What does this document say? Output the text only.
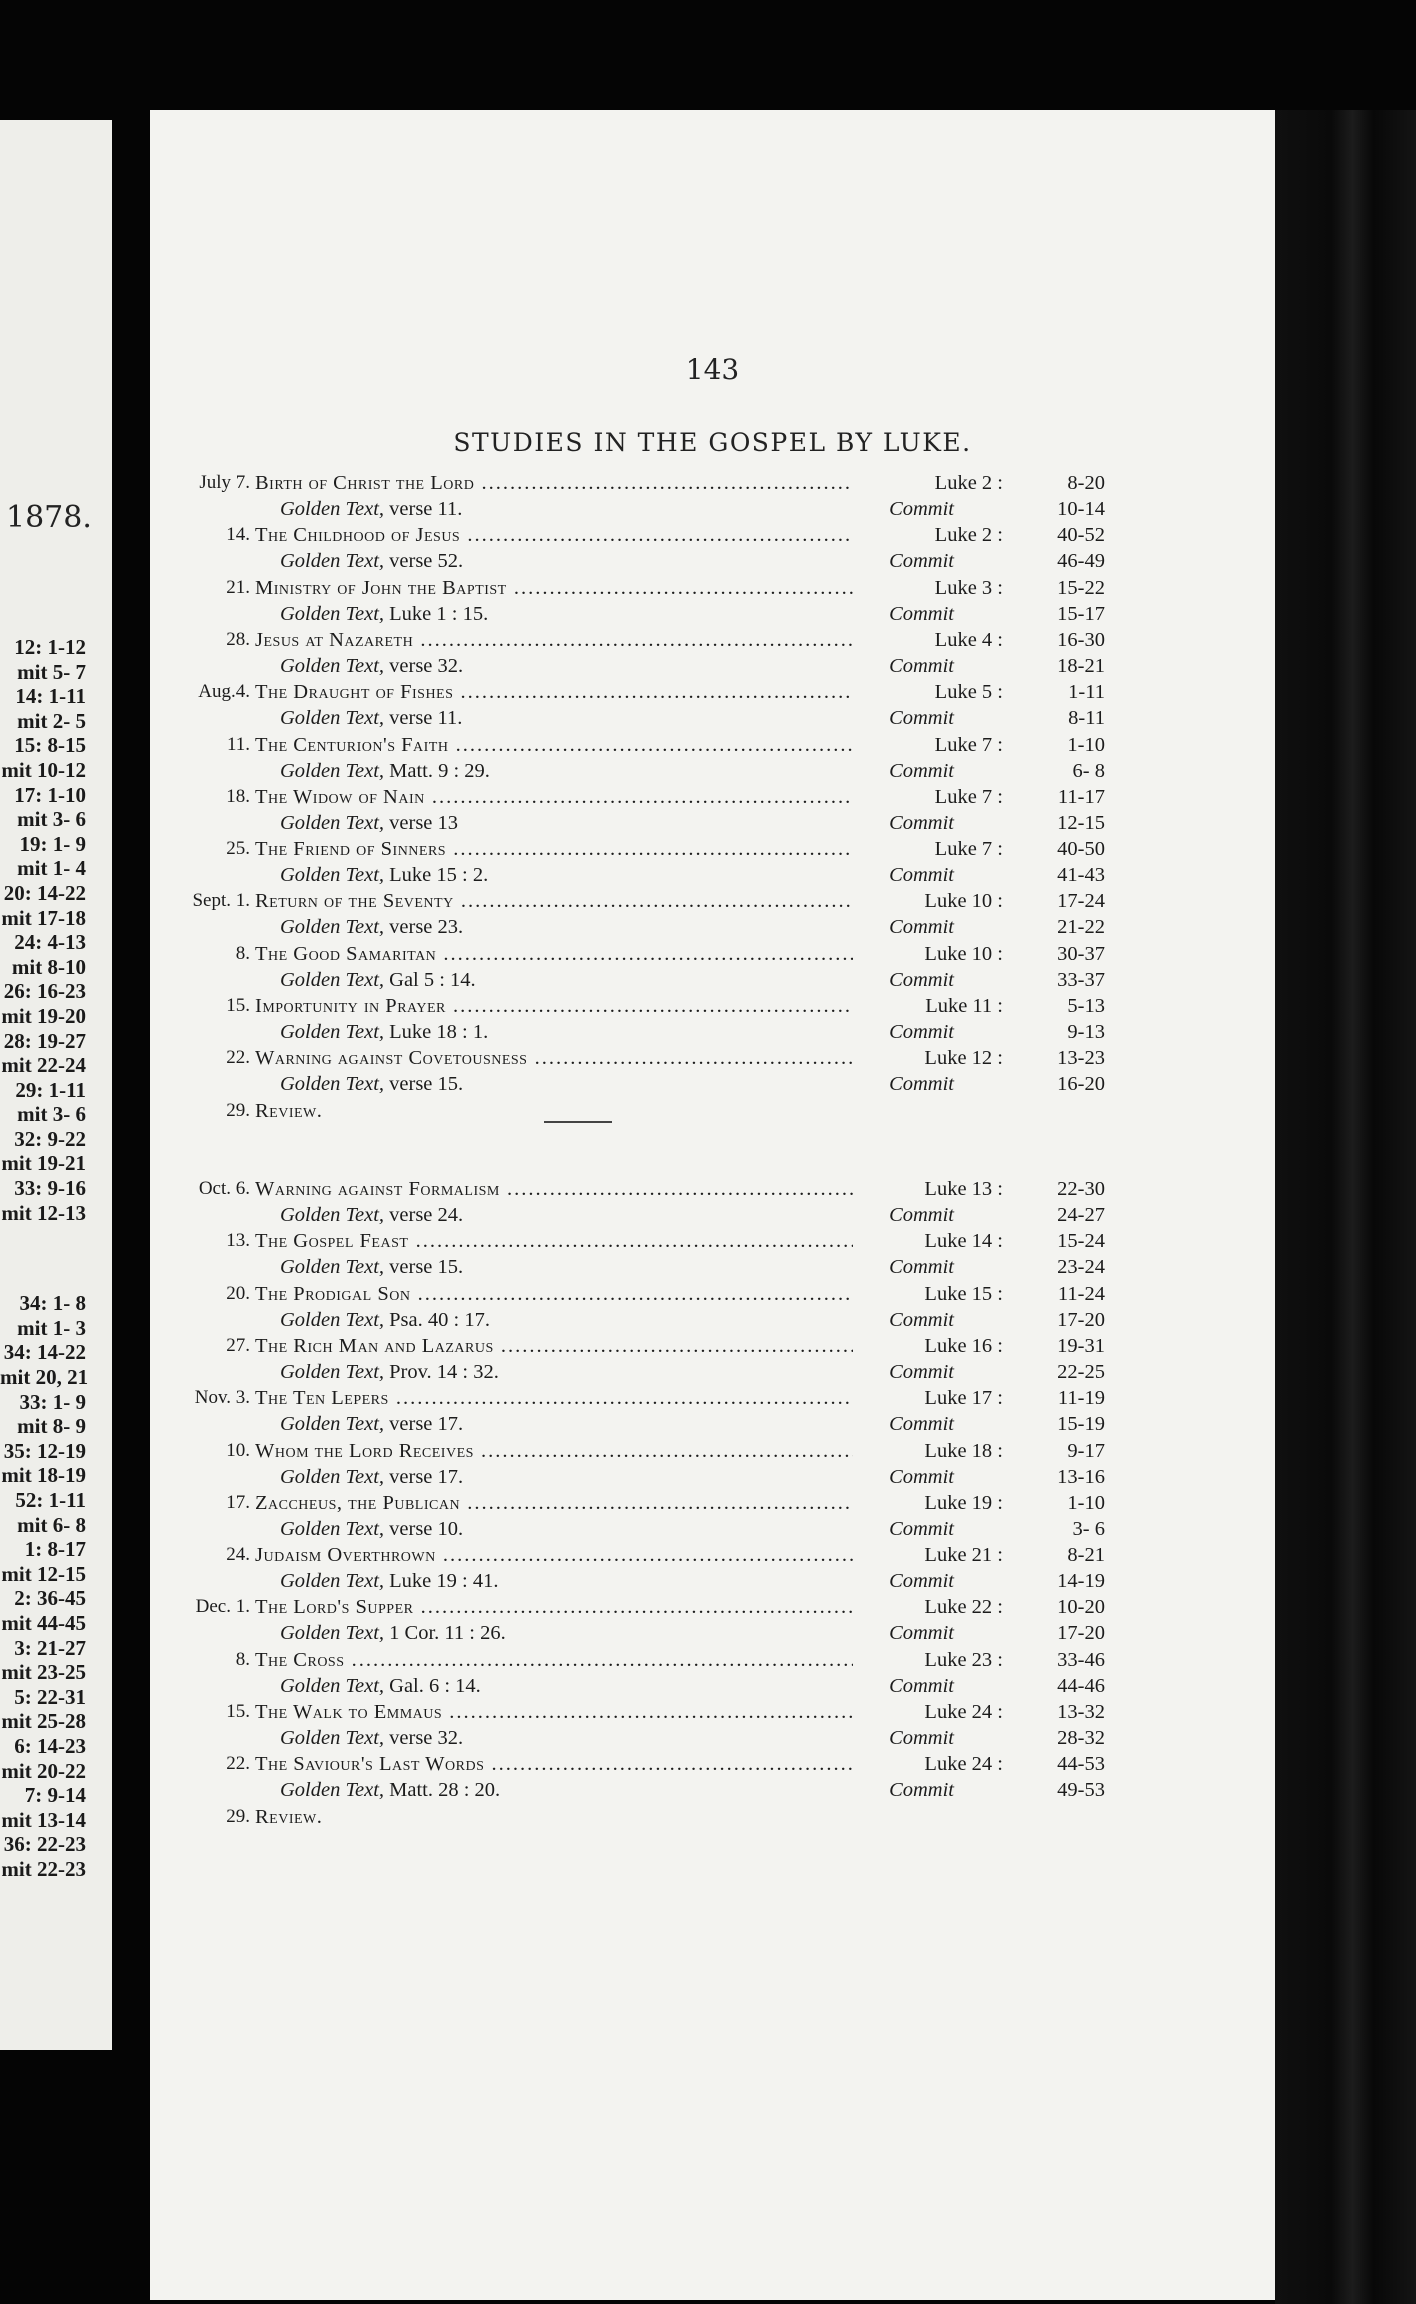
1878.
12: 1-12
mit 5- 7
14: 1-11
mit 2- 5
15: 8-15
mit 10-12
17: 1-10
mit 3- 6
19: 1- 9
mit 1- 4
20: 14-22
mit 17-18
24: 4-13
mit 8-10
26: 16-23
mit 19-20
28: 19-27
mit 22-24
29: 1-11
mit 3- 6
32: 9-22
mit 19-21
33: 9-16
mit 12-13
34: 1- 8
mit 1- 3
34: 14-22
mit 20, 21
33: 1- 9
mit 8- 9
35: 12-19
mit 18-19
52: 1-11
mit 6- 8
1: 8-17
mit 12-15
2: 36-45
mit 44-45
3: 21-27
mit 23-25
5: 22-31
mit 25-28
6: 14-23
mit 20-22
7: 9-14
mit 13-14
36: 22-23
mit 22-23
143
STUDIES IN THE GOSPEL BY LUKE.
July 7. Birth of Christ the Lord .....	Luke 2 :	8-20
Golden Text, verse 11.	Commit	10-14
14. The Childhood of Jesus .....	Luke 2 :	40-52
Golden Text, verse 52.	Commit	46-49
21. Ministry of John the Baptist .....	Luke 3 :	15-22
Golden Text, Luke 1 : 15.	Commit	15-17
28. Jesus at Nazareth .....	Luke 4 :	16-30
Golden Text, verse 32.	Commit	18-21
Aug.4. The Draught of Fishes .....	Luke 5 :	1-11
Golden Text, verse 11.	Commit	8-11
11. The Centurion's Faith .....	Luke 7 :	1-10
Golden Text, Matt. 9 : 29.	Commit	6- 8
18. The Widow of Nain .....	Luke 7 :	11-17
Golden Text, verse 13	Commit	12-15
25. The Friend of Sinners .....	Luke 7 :	40-50
Golden Text, Luke 15 : 2.	Commit	41-43
Sept. 1. Return of the Seventy .....	Luke 10 :	17-24
Golden Text, verse 23.	Commit	21-22
8. The Good Samaritan .....	Luke 10 :	30-37
Golden Text, Gal 5 : 14.	Commit	33-37
15. Importunity in Prayer .....	Luke 11 :	5-13
Golden Text, Luke 18 : 1.	Commit	9-13
22. Warning against Covetousness .....	Luke 12 :	13-23
Golden Text, verse 15.	Commit	16-20
29. Review.
Oct. 6. Warning against Formalism .....	Luke 13 :	22-30
Golden Text, verse 24.	Commit	24-27
13. The Gospel Feast .....	Luke 14 :	15-24
Golden Text, verse 15.	Commit	23-24
20. The Prodigal Son .....	Luke 15 :	11-24
Golden Text, Psa. 40 : 17.	Commit	17-20
27. The Rich Man and Lazarus .....	Luke 16 :	19-31
Golden Text, Prov. 14 : 32.	Commit	22-25
Nov. 3. The Ten Lepers .....	Luke 17 :	11-19
Golden Text, verse 17.	Commit	15-19
10. Whom the Lord Receives .....	Luke 18 :	9-17
Golden Text, verse 17.	Commit	13-16
17. Zaccheus, the Publican .....	Luke 19 :	1-10
Golden Text, verse 10.	Commit	3- 6
24. Judaism Overthrown .....	Luke 21 :	8-21
Golden Text, Luke 19 : 41.	Commit	14-19
Dec. 1. The Lord's Supper .....	Luke 22 :	10-20
Golden Text, 1 Cor. 11 : 26.	Commit	17-20
8. The Cross .....	Luke 23 :	33-46
Golden Text, Gal. 6 : 14.	Commit	44-46
15. The Walk to Emmaus .....	Luke 24 :	13-32
Golden Text, verse 32.	Commit	28-32
22. The Saviour's Last Words .....	Luke 24 :	44-53
Golden Text, Matt. 28 : 20.	Commit	49-53
29. Review.
